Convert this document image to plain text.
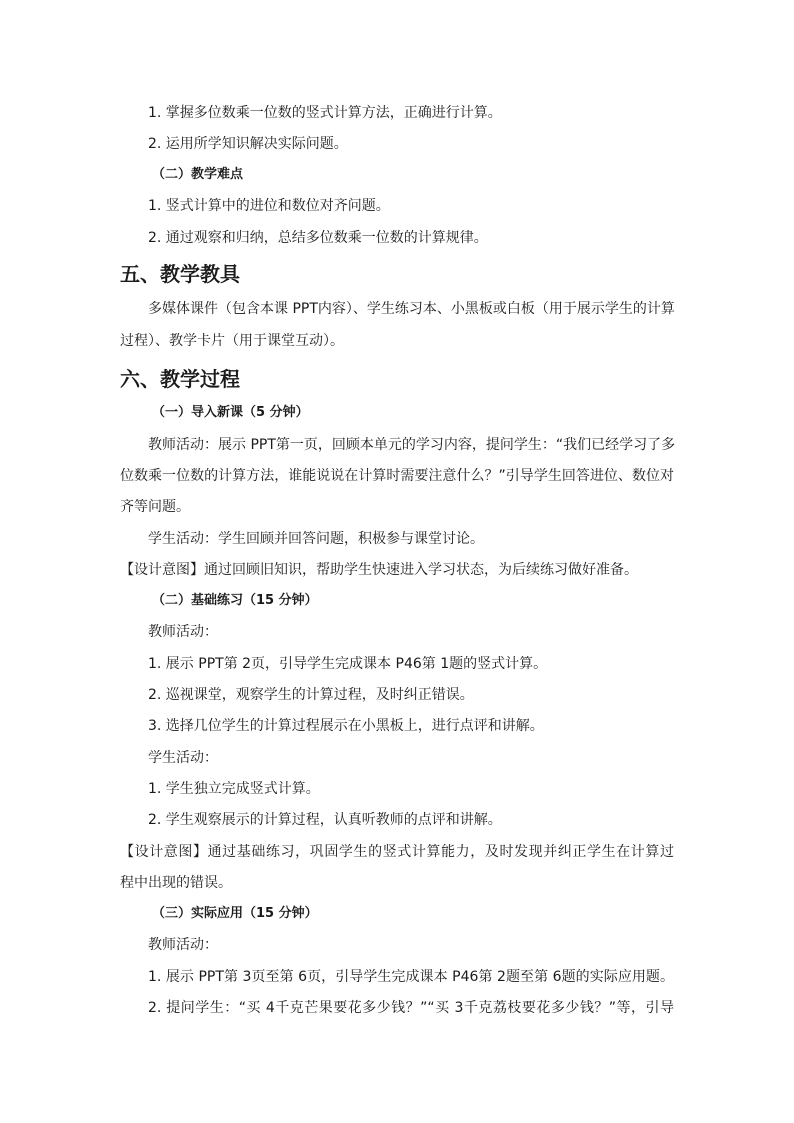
1. 掌握多位数乘一位数的竖式计算方法，正确进行计算。
2. 运用所学知识解决实际问题。
（二）教学难点
1. 竖式计算中的进位和数位对齐问题。
2. 通过观察和归纳，总结多位数乘一位数的计算规律。
五、教学教具
多媒体课件（包含本课 PPT内容）、学生练习本、小黑板或白板（用于展示学生的计算
过程）、教学卡片（用于课堂互动）。
六、教学过程
（一）导入新课（5 分钟）
教师活动：展示 PPT第一页，回顾本单元的学习内容，提问学生：“我们已经学习了多
位数乘一位数的计算方法，谁能说说在计算时需要注意什么？”引导学生回答进位、数位对
齐等问题。
学生活动：学生回顾并回答问题，积极参与课堂讨论。
【设计意图】通过回顾旧知识，帮助学生快速进入学习状态，为后续练习做好准备。
（二）基础练习（15 分钟）
教师活动：
1. 展示 PPT第 2页，引导学生完成课本 P46第 1题的竖式计算。
2. 巡视课堂，观察学生的计算过程，及时纠正错误。
3. 选择几位学生的计算过程展示在小黑板上，进行点评和讲解。
学生活动：
1. 学生独立完成竖式计算。
2. 学生观察展示的计算过程，认真听教师的点评和讲解。
【设计意图】通过基础练习，巩固学生的竖式计算能力，及时发现并纠正学生在计算过
程中出现的错误。
（三）实际应用（15 分钟）
教师活动：
1. 展示 PPT第 3页至第 6页，引导学生完成课本 P46第 2题至第 6题的实际应用题。
2. 提问学生：“买 4千克芒果要花多少钱？”“买 3千克荔枝要花多少钱？”等，引导
